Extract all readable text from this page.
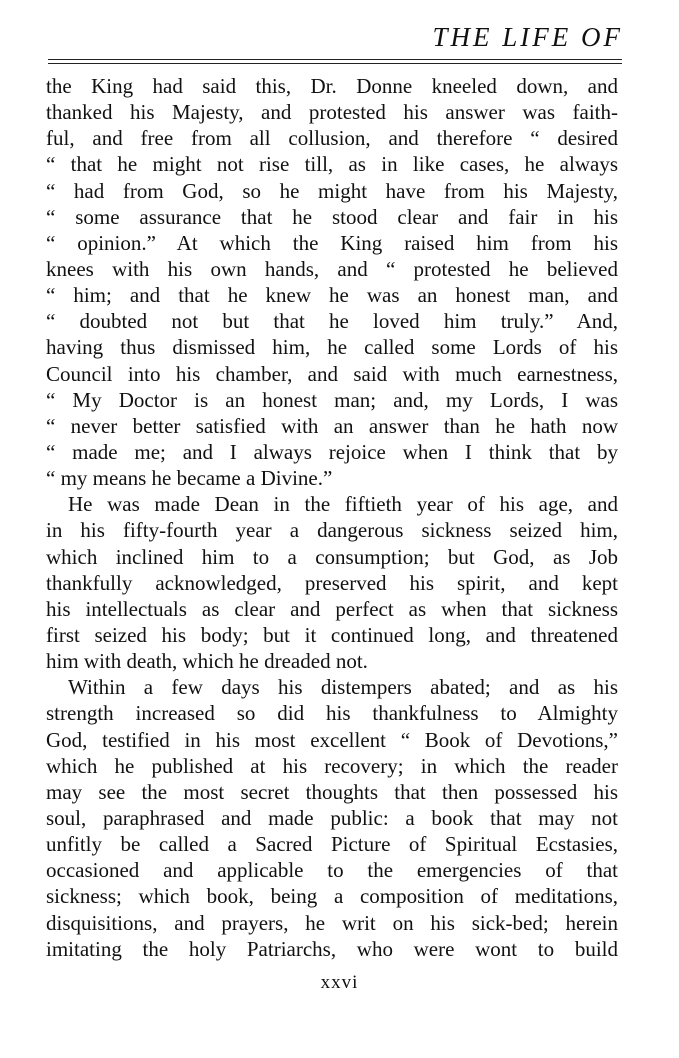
THE LIFE OF
the King had said this, Dr. Donne kneeled down, and
thanked his Majesty, and protested his answer was faith-
ful, and free from all collusion, and therefore “ desired
“ that he might not rise till, as in like cases, he always
“ had from God, so he might have from his Majesty,
“ some assurance that he stood clear and fair in his
“ opinion.” At which the King raised him from his
knees with his own hands, and “ protested he believed
“ him; and that he knew he was an honest man, and
“ doubted not but that he loved him truly.” And,
having thus dismissed him, he called some Lords of his
Council into his chamber, and said with much earnestness,
“ My Doctor is an honest man; and, my Lords, I was
“ never better satisfied with an answer than he hath now
“ made me; and I always rejoice when I think that by
“ my means he became a Divine.”
He was made Dean in the fiftieth year of his age, and
in his fifty-fourth year a dangerous sickness seized him,
which inclined him to a consumption; but God, as Job
thankfully acknowledged, preserved his spirit, and kept
his intellectuals as clear and perfect as when that sickness
first seized his body; but it continued long, and threatened
him with death, which he dreaded not.
Within a few days his distempers abated; and as his
strength increased so did his thankfulness to Almighty
God, testified in his most excellent “ Book of Devotions,”
which he published at his recovery; in which the reader
may see the most secret thoughts that then possessed his
soul, paraphrased and made public: a book that may not
unfitly be called a Sacred Picture of Spiritual Ecstasies,
occasioned and applicable to the emergencies of that
sickness; which book, being a composition of meditations,
disquisitions, and prayers, he writ on his sick-bed; herein
imitating the holy Patriarchs, who were wont to build
xxvi
